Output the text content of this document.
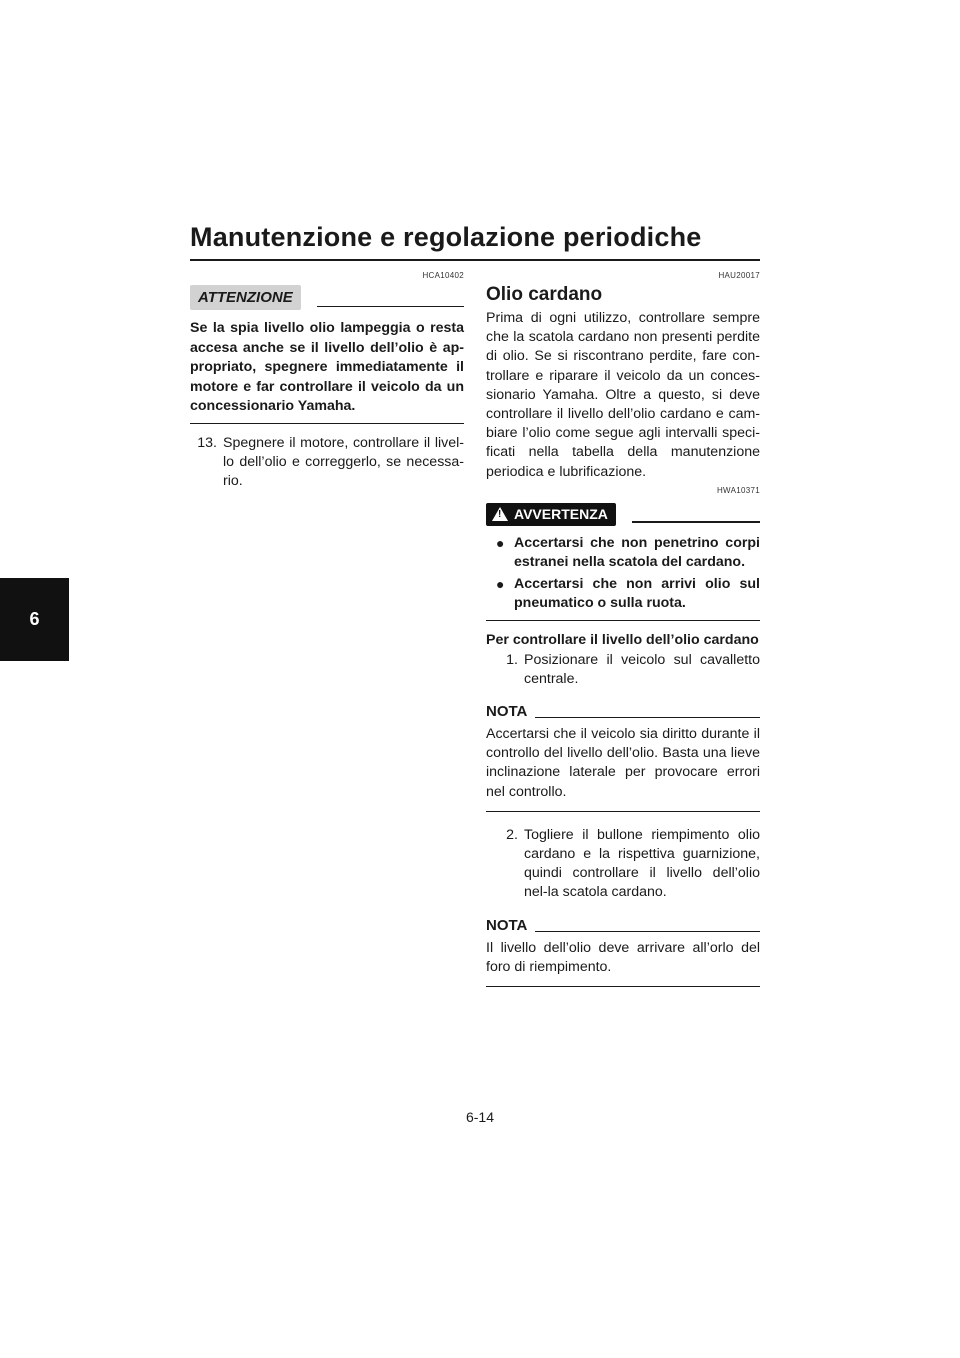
Manutenzione e regolazione periodiche
6
HCA10402
ATTENZIONE

Se la spia livello olio lampeggia o resta accesa anche se il livello dell’olio è ap-propriato, spegnere immediatamente il motore e far controllare il veicolo da un concessionario Yamaha.

13. Spegnere il motore, controllare il livel-lo dell’olio e correggerlo, se necessa-rio.
HAU20017
Olio cardano

Prima di ogni utilizzo, controllare sempre che la scatola cardano non presenti perdite di olio. Se si riscontrano perdite, fare con-trollare e riparare il veicolo da un conces-sionario Yamaha. Oltre a questo, si deve controllare il livello dell’olio cardano e cam-biare l’olio come segue agli intervalli speci-ficati nella tabella della manutenzione periodica e lubrificazione.

HWA10371
! AVVERTENZA
● Accertarsi che non penetrino corpi estranei nella scatola del cardano.
● Accertarsi che non arrivi olio sul pneumatico o sulla ruota.

Per controllare il livello dell’olio cardano

1. Posizionare il veicolo sul cavalletto centrale.
NOTA

Accertarsi che il veicolo sia diritto durante il controllo del livello dell’olio. Basta una lieve inclinazione laterale per provocare errori nel controllo.

2. Togliere il bullone riempimento olio cardano e la rispettiva guarnizione, quindi controllare il livello dell’olio nel-la scatola cardano.
NOTA

Il livello dell’olio deve arrivare all’orlo del foro di riempimento.

6-14
